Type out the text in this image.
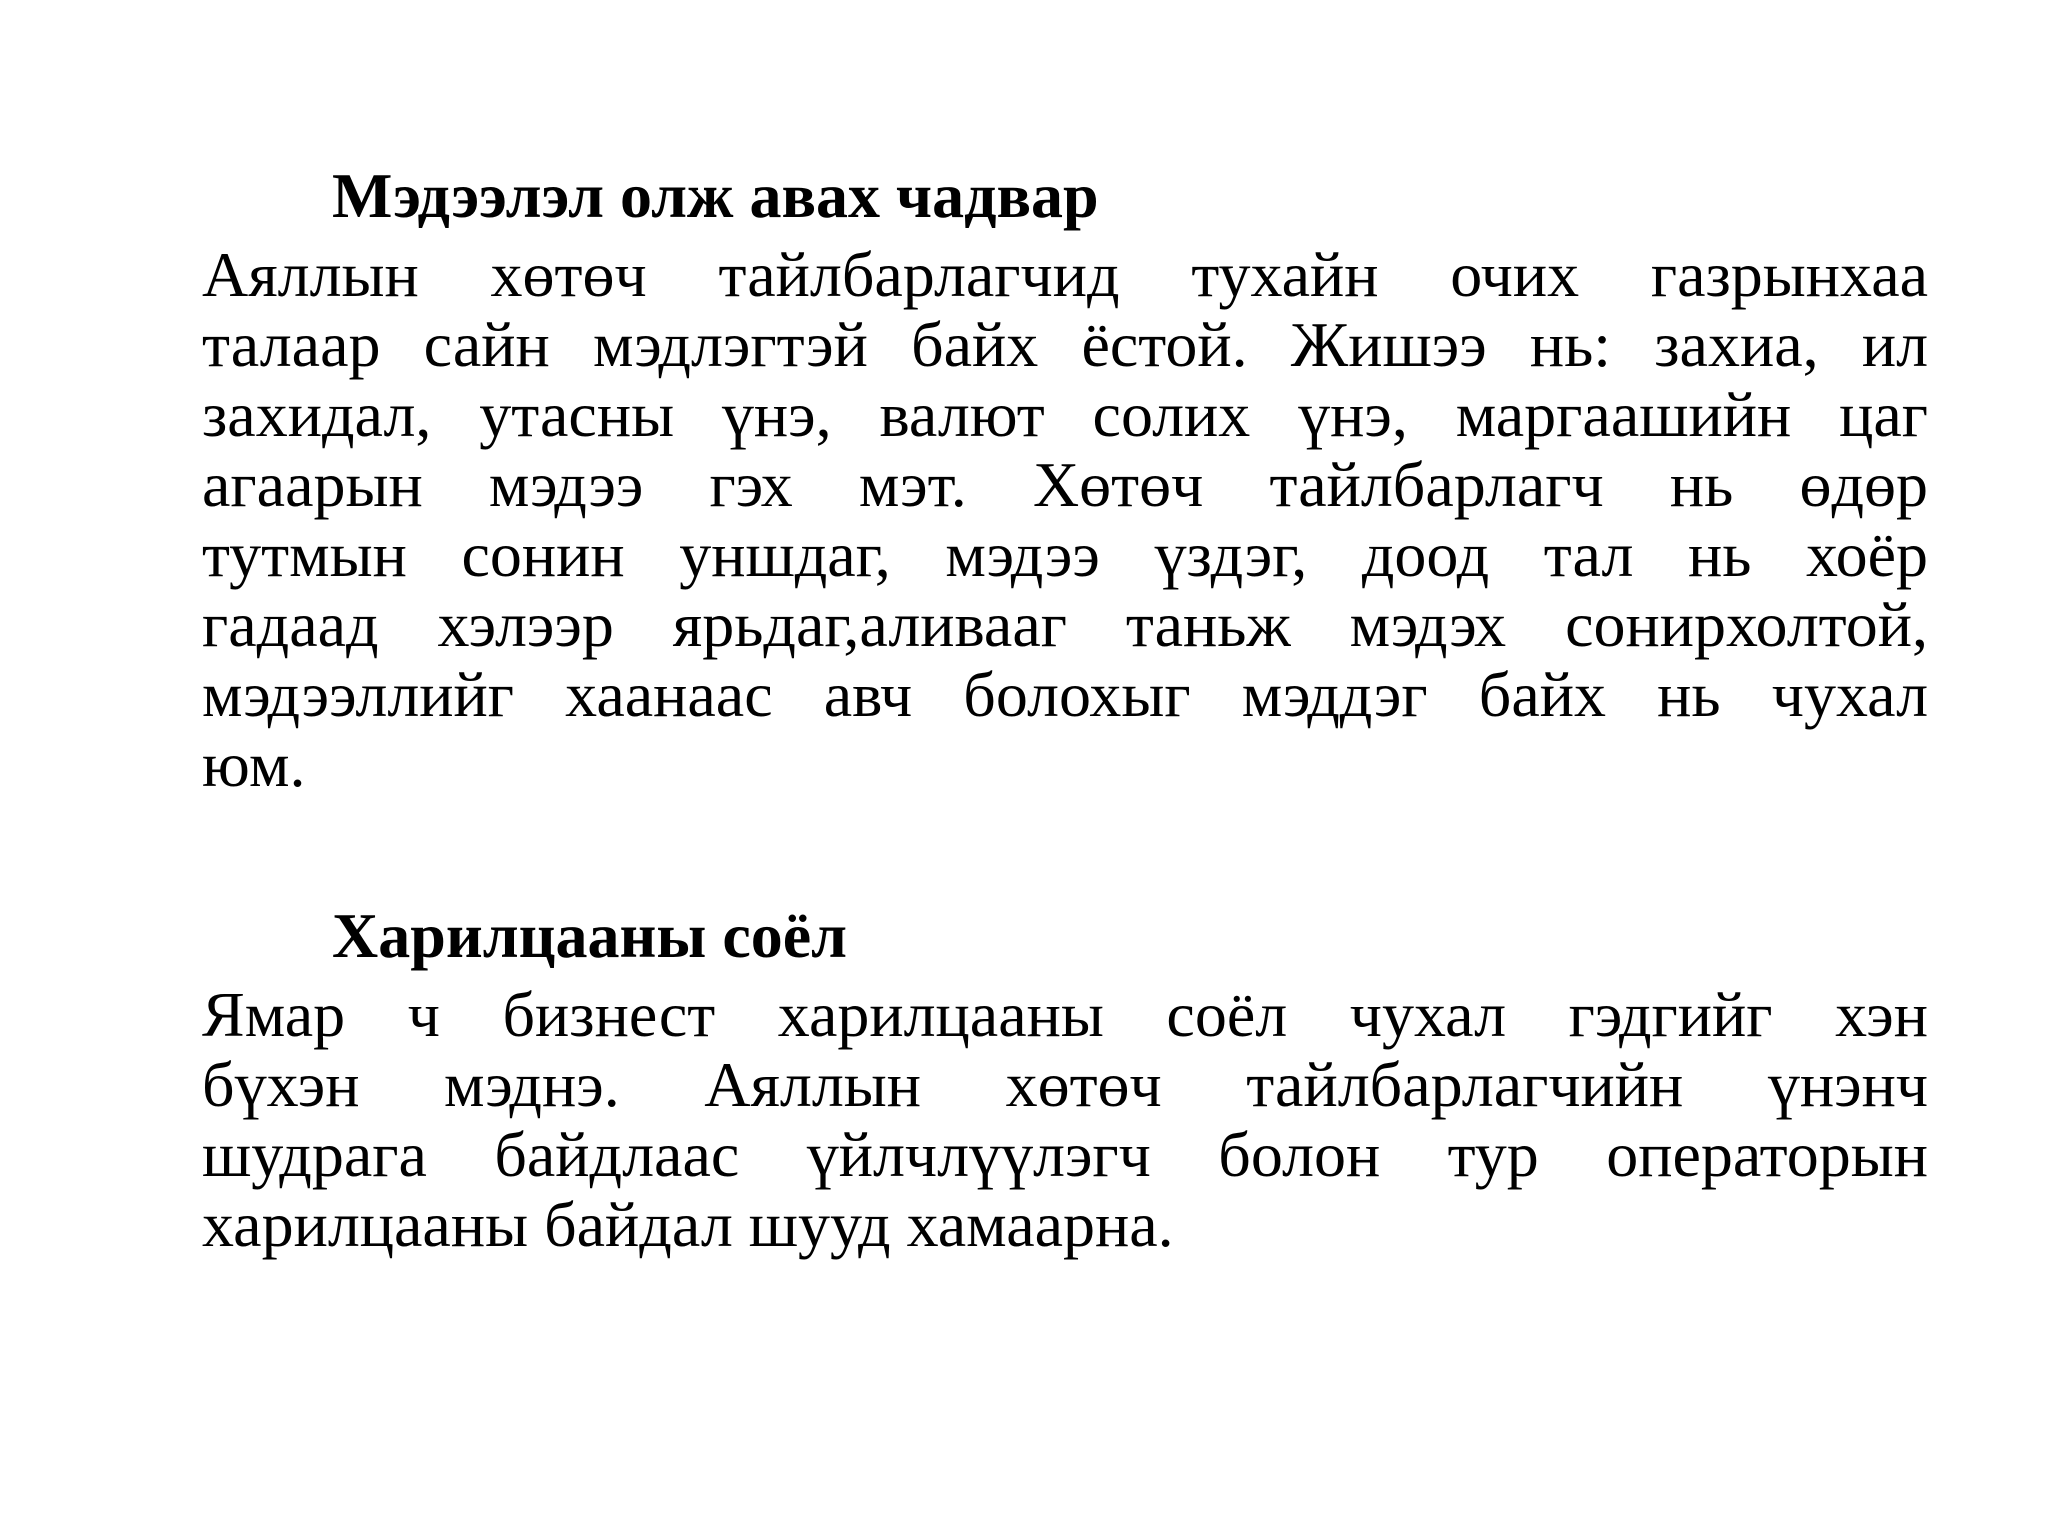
Мэдээлэл олж авах чадвар
Аяллын хөтөч тайлбарлагчид тухайн очих газрынхаа
талаар сайн мэдлэгтэй байх ёстой. Жишээ нь: захиа, ил
захидал, утасны үнэ, валют солих үнэ, маргаашийн цаг
агаарын мэдээ гэх мэт. Хөтөч тайлбарлагч нь өдөр
тутмын сонин уншдаг, мэдээ үздэг, доод тал нь хоёр
гадаад хэлээр ярьдаг,аливааг таньж мэдэх сонирхолтой,
мэдээллийг хаанаас авч болохыг мэддэг байх нь чухал
юм.
Харилцааны соёл
Ямар ч бизнест харилцааны соёл чухал гэдгийг хэн
бүхэн мэднэ. Аяллын хөтөч тайлбарлагчийн үнэнч
шудрага байдлаас үйлчлүүлэгч болон тур операторын
харилцааны байдал шууд хамаарна.
